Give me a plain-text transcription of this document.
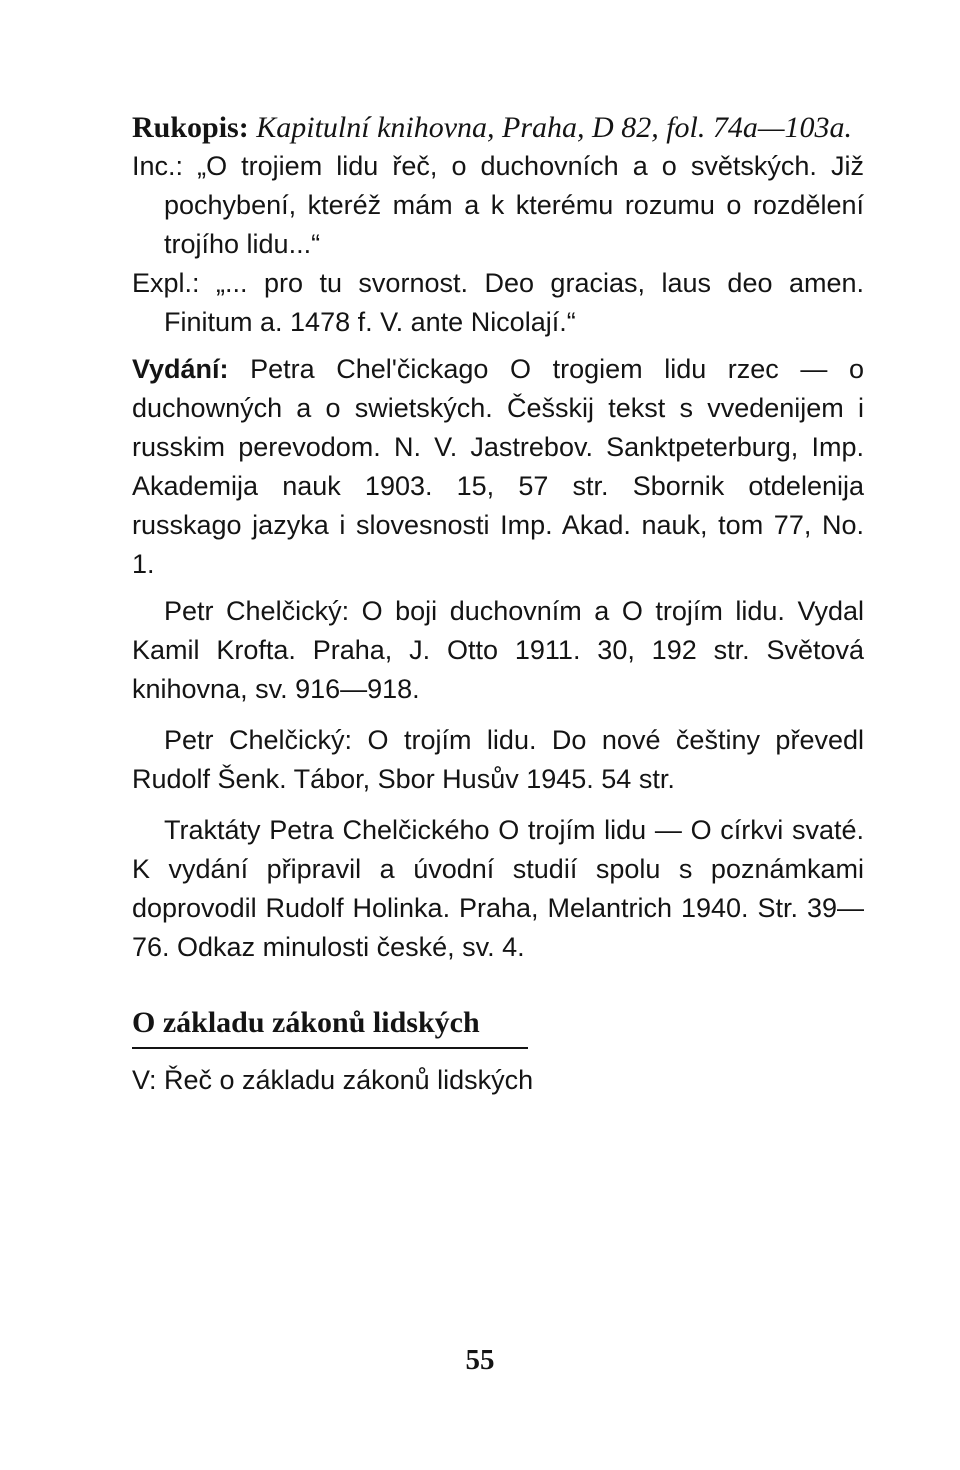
Rukopis: Kapitulní knihovna, Praha, D 82, fol. 74a—103a.

Inc.: „O trojiem lidu řeč, o duchovních a o světských. Již pochybení, kteréž mám a k kterému rozumu o rozdělení trojího lidu...“

Expl.: „... pro tu svornost. Deo gracias, laus deo amen. Finitum a. 1478 f. V. ante Nicolají.“

Vydání: Petra Chel'čickago O trogiem lidu rzec — o duchowných a o swietských. Češskij tekst s vvedenijem i russkim perevodom. N. V. Jastrebov. Sanktpeterburg, Imp. Akademija nauk 1903. 15, 57 str. Sbornik otdelenija russkago jazyka i slovesnosti Imp. Akad. nauk, tom 77, No. 1.

Petr Chelčický: O boji duchovním a O trojím lidu. Vydal Kamil Krofta. Praha, J. Otto 1911. 30, 192 str. Světová knihovna, sv. 916—918.

Petr Chelčický: O trojím lidu. Do nové češtiny převedl Rudolf Šenk. Tábor, Sbor Husův 1945. 54 str.

Traktáty Petra Chelčického O trojím lidu — O církvi svaté. K vydání připravil a úvodní studií spolu s poznámkami doprovodil Rudolf Holinka. Praha, Melantrich 1940. Str. 39—76. Odkaz minulosti české, sv. 4.

O základu zákonů lidských

V: Řeč o základu zákonů lidských

55
